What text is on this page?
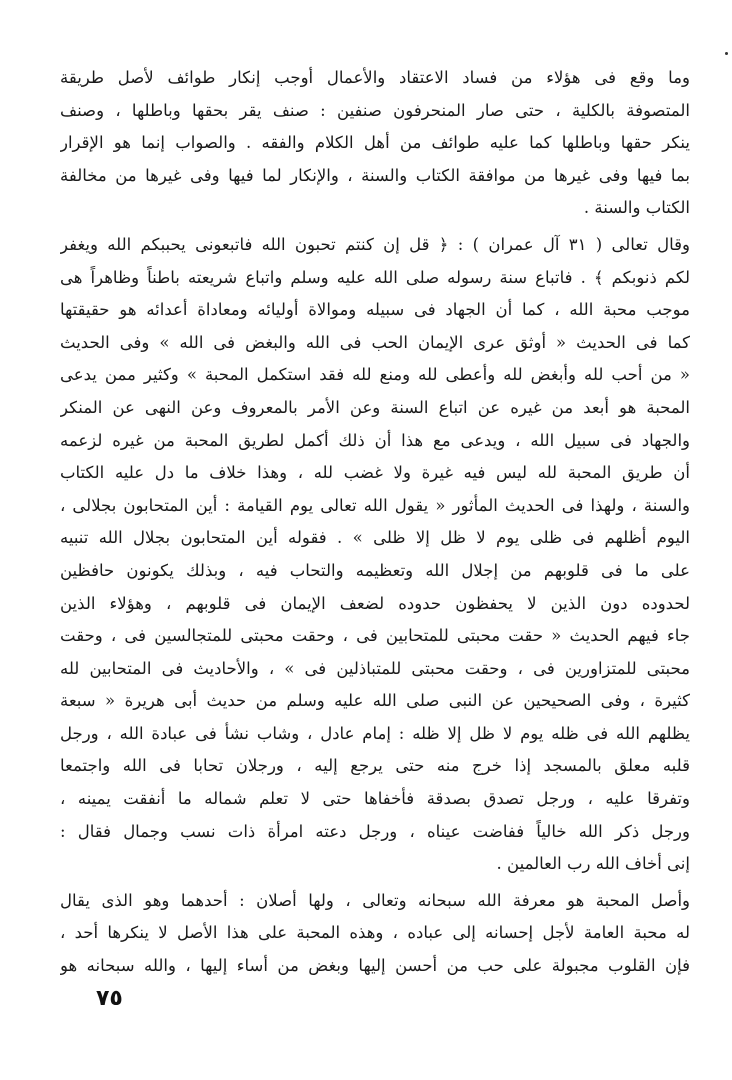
وما وقع فى هؤلاء من فساد الاعتقاد والأعمال أوجب إنكار طوائف لأصل طريقة
المتصوفة بالكلية ، حتى صار المنحرفون صنفين : صنف يقر بحقها وباطلها ، وصنف
ينكر حقها وباطلها كما عليه طوائف من أهل الكلام والفقه . والصواب إنما هو الإقرار
بما فيها وفى غيرها من موافقة الكتاب والسنة ، والإنكار لما فيها وفى غيرها من مخالفة
الكتاب والسنة .
وقال تعالى ( ٣١ آل عمران ) : ﴿ قل إن كنتم تحبون الله فاتبعونى يحببكم الله ويغفر
لكم ذنوبكم ﴾ . فاتباع سنة رسوله صلى الله عليه وسلم واتباع شريعته باطناً وظاهراً هى
موجب محبة الله ، كما أن الجهاد فى سبيله وموالاة أوليائه ومعاداة أعدائه هو حقيقتها
كما فى الحديث « أوثق عرى الإيمان الحب فى الله والبغض فى الله » وفى الحديث
« من أحب لله وأبغض لله وأعطى لله ومنع لله فقد استكمل المحبة » وكثير ممن يدعى
المحبة هو أبعد من غيره عن اتباع السنة وعن الأمر بالمعروف وعن النهى عن المنكر
والجهاد فى سبيل الله ، ويدعى مع هذا أن ذلك أكمل لطريق المحبة من غيره لزعمه
أن طريق المحبة لله ليس فيه غيرة ولا غضب لله ، وهذا خلاف ما دل عليه الكتاب
والسنة ، ولهذا فى الحديث المأثور « يقول الله تعالى يوم القيامة : أين المتحابون بجلالى ،
اليوم أظلهم فى ظلى يوم لا ظل إلا ظلى » . فقوله أين المتحابون بجلال الله تنبيه
على ما فى قلوبهم من إجلال الله وتعظيمه والتحاب فيه ، وبذلك يكونون حافظين
لحدوده دون الذين لا يحفظون حدوده لضعف الإيمان فى قلوبهم ، وهؤلاء الذين
جاء فيهم الحديث « حقت محبتى للمتحابين فى ، وحقت محبتى للمتجالسين فى ، وحقت
محبتى للمتزاورين فى ، وحقت محبتى للمتباذلين فى » ، والأحاديث فى المتحابين لله
كثيرة ، وفى الصحيحين عن النبى صلى الله عليه وسلم من حديث أبى هريرة « سبعة
يظلهم الله فى ظله يوم لا ظل إلا ظله : إمام عادل ، وشاب نشأ فى عبادة الله ، ورجل
قلبه معلق بالمسجد إذا خرج منه حتى يرجع إليه ، ورجلان تحابا فى الله واجتمعا
وتفرقا عليه ، ورجل تصدق بصدقة فأخفاها حتى لا تعلم شماله ما أنفقت يمينه ،
ورجل ذكر الله خالياً ففاضت عيناه ، ورجل دعته امرأة ذات نسب وجمال فقال :
إنى أخاف الله رب العالمين .
وأصل المحبة هو معرفة الله سبحانه وتعالى ، ولها أصلان : أحدهما وهو الذى يقال
له محبة العامة لأجل إحسانه إلى عباده ، وهذه المحبة على هذا الأصل لا ينكرها أحد ،
فإن القلوب مجبولة على حب من أحسن إليها وبغض من أساء إليها ، والله سبحانه هو
٧٥
